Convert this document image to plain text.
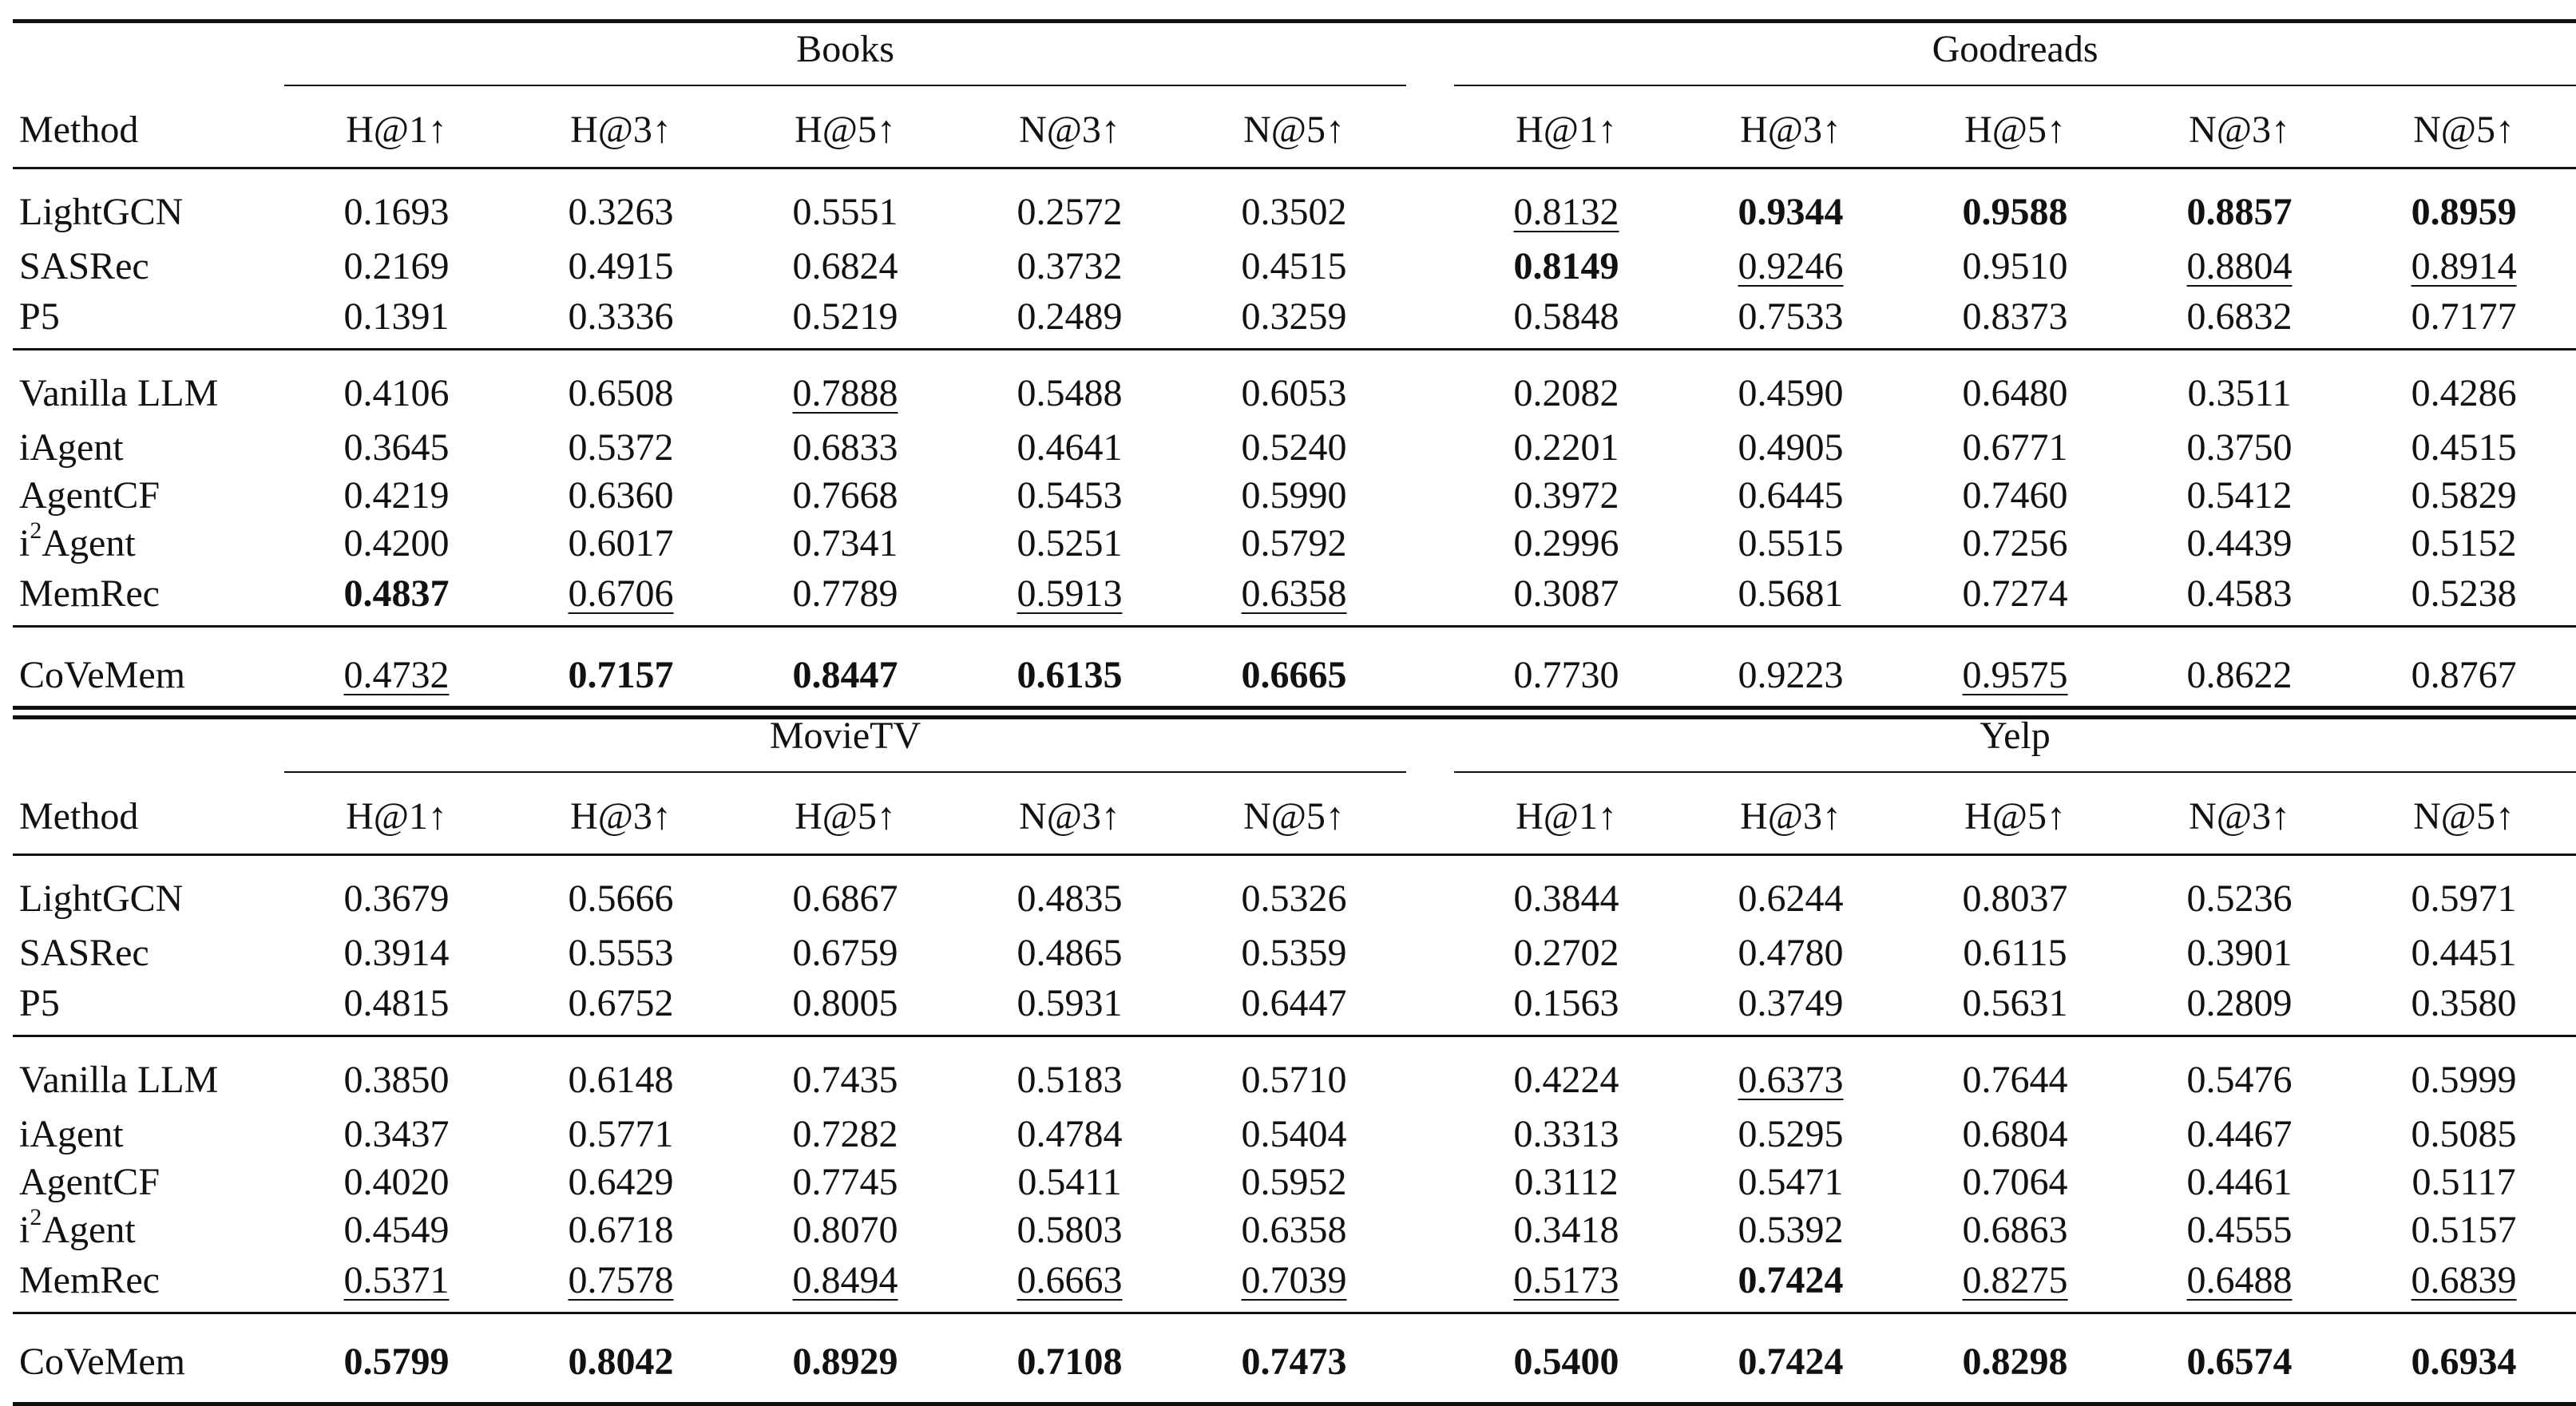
	Books						Goodreads				

Method	H@1↑	H@3↑	H@5↑	N@3↑	N@5↑		H@1↑	H@3↑	H@5↑	N@3↑	N@5↑
LightGCN	0.1693	0.3263	0.5551	0.2572	0.3502		0.8132	0.9344	0.9588	0.8857	0.8959
SASRec	0.2169	0.4915	0.6824	0.3732	0.4515		0.8149	0.9246	0.9510	0.8804	0.8914
P5	0.1391	0.3336	0.5219	0.2489	0.3259		0.5848	0.7533	0.8373	0.6832	0.7177
Vanilla LLM	0.4106	0.6508	0.7888	0.5488	0.6053		0.2082	0.4590	0.6480	0.3511	0.4286
iAgent	0.3645	0.5372	0.6833	0.4641	0.5240		0.2201	0.4905	0.6771	0.3750	0.4515
AgentCF	0.4219	0.6360	0.7668	0.5453	0.5990		0.3972	0.6445	0.7460	0.5412	0.5829
$i^2Agent$	0.4200	0.6017	0.7341	0.5251	0.5792		0.2996	0.5515	0.7256	0.4439	0.5152
MemRec	0.4837	0.6706	0.7789	0.5913	0.6358		0.3087	0.5681	0.7274	0.4583	0.5238
CoVeMem	0.4732	0.7157	0.8447	0.6135	0.6665		0.7730	0.9223	0.9575	0.8622	0.8767

	MovieTV						Yelp				

Method	H@1↑	H@3↑	H@5↑	N@3↑	N@5↑		H@1↑	H@3↑	H@5↑	N@3↑	N@5↑
LightGCN	0.3679	0.5666	0.6867	0.4835	0.5326		0.3844	0.6244	0.8037	0.5236	0.5971
SASRec	0.3914	0.5553	0.6759	0.4865	0.5359		0.2702	0.4780	0.6115	0.3901	0.4451
P5	0.4815	0.6752	0.8005	0.5931	0.6447		0.1563	0.3749	0.5631	0.2809	0.3580
Vanilla LLM	0.3850	0.6148	0.7435	0.5183	0.5710		0.4224	0.6373	0.7644	0.5476	0.5999
iAgent	0.3437	0.5771	0.7282	0.4784	0.5404		0.3313	0.5295	0.6804	0.4467	0.5085
AgentCF	0.4020	0.6429	0.7745	0.5411	0.5952		0.3112	0.5471	0.7064	0.4461	0.5117
$i^2Agent$	0.4549	0.6718	0.8070	0.5803	0.6358		0.3418	0.5392	0.6863	0.4555	0.5157
MemRec	0.5371	0.7578	0.8494	0.6663	0.7039		0.5173	0.7424	0.8275	0.6488	0.6839
CoVeMem	0.5799	0.8042	0.8929	0.7108	0.7473		0.5400	0.7424	0.8298	0.6574	0.6934
